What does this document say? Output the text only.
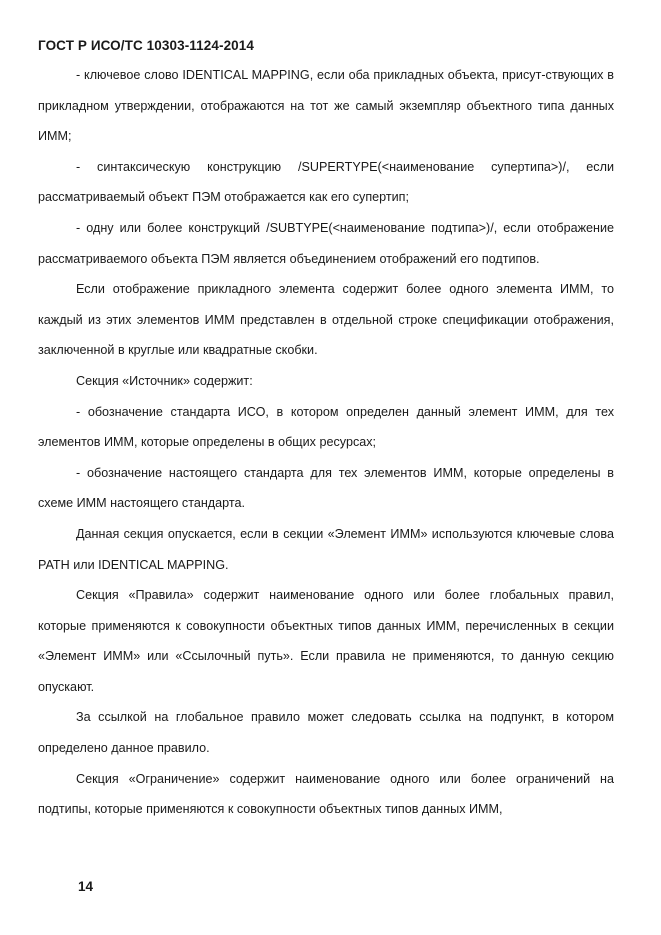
ГОСТ Р ИСО/ТС 10303-1124-2014

- ключевое слово IDENTICAL MAPPING, если оба прикладных объекта, присут-ствующих в прикладном утверждении, отображаются на тот же самый экземпляр объектного типа данных ИММ;

- синтаксическую конструкцию /SUPERTYPE(<наименование супертипа>)/, если рассматриваемый объект ПЭМ отображается как его супертип;

- одну или более конструкций /SUBTYPE(<наименование подтипа>)/, если отображение рассматриваемого объекта ПЭМ является объединением отображений его подтипов.

Если отображение прикладного элемента содержит более одного элемента ИММ, то каждый из этих элементов ИММ представлен в отдельной строке спецификации отображения, заключенной в круглые или квадратные скобки.

Секция «Источник» содержит:

- обозначение стандарта ИСО, в котором определен данный элемент ИММ, для тех элементов ИММ, которые определены в общих ресурсах;

- обозначение настоящего стандарта для тех элементов ИММ, которые определены в схеме ИММ настоящего стандарта.

Данная секция опускается, если в секции «Элемент ИММ» используются ключевые слова PATH или IDENTICAL MAPPING.

Секция «Правила» содержит наименование одного или более глобальных правил, которые применяются к совокупности объектных типов данных ИММ, перечисленных в секции «Элемент ИММ» или «Ссылочный путь». Если правила не применяются, то данную секцию опускают.

За ссылкой на глобальное правило может следовать ссылка на подпункт, в котором определено данное правило.

Секция «Ограничение» содержит наименование одного или более ограничений на подтипы, которые применяются к совокупности объектных типов данных ИММ,

14
